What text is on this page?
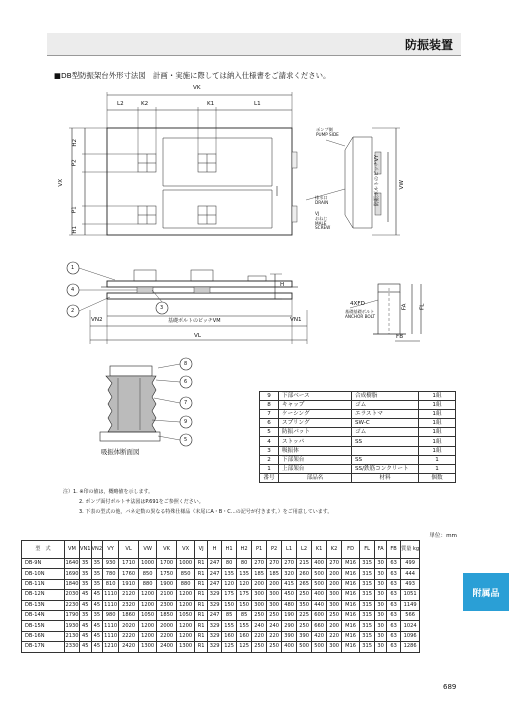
防振装置
■DB型防振架台外形寸法図　計画・実施に際しては納入仕様書をご請求ください。
VK
L2	K2	K1	L1
VX
H2
P2
P1
H1
ポンプ側
PUMP SIDE
排水口
DRAIN
VJ
おねじ
MALE
SCREW
防振ボルトのピッチVY	VW
1
4
2	3
H
VN2	VN1
基礎ボルトのピッチVM
VL
4XFD
基礎基礎ボルト
ANCHOR BOLT
FA FL
FB
8
6
7
9
5
吸振体断面図
9	下部ベース	合成樹脂	1組
8	キャップ	ゴム	1組
7	ケーシング	エラストマ	1組
6	スプリング	SW-C	1組
5	防振パット	ゴム	1組
4	ストッパ	SS	1組
3	吸振体		1組
2	下部架台	SS	1
1	上部架台	SS/鉄筋コンクリート	1
番号	部品名	材料	個数
注）1. ※印の値は，概略値を示します。
2. ポンプ面付ボルトサ法図はP.691をご参照ください。
3. 下表の型式の他，バネ定数の異なる特殊仕様品（末尾にA・B・C…の記号が付きます。）をご用意しています。
単位：mm
型　式	VM	VN1	VN2	VY	VL	VW	VK	VX	VJ	H	H1	H2	P1	P2	L1	L2	K1	K2	FD	FL	FA	FB	質量 kg
DB-9N	1640	35	35	930	1710	1000	1700	1000	R1	247	80	80	270	270	270	215	400	270	M16	315	30	63	499
DB-10N	1690	35	35	780	1760	850	1750	850	R1	247	135	135	185	185	320	260	500	200	M16	315	30	63	444
DB-11N	1840	35	35	810	1910	880	1900	880	R1	247	120	120	200	200	415	265	500	200	M16	315	30	63	493
DB-12N	2030	45	45	1110	2120	1200	2100	1200	R1	329	175	175	300	300	450	250	400	300	M16	315	30	63	1051
DB-13N	2230	45	45	1110	2320	1200	2300	1200	R1	329	150	150	300	300	480	350	440	300	M16	315	30	63	1149
DB-14N	1790	35	35	980	1860	1050	1850	1050	R1	247	85	85	250	250	190	225	600	250	M16	315	30	63	566
DB-15N	1930	45	45	1110	2020	1200	2000	1200	R1	329	155	155	240	240	290	250	660	200	M16	315	30	63	1024
DB-16N	2130	45	45	1110	2220	1200	2200	1200	R1	329	160	160	220	220	390	390	420	220	M16	315	30	63	1096
DB-17N	2330	45	45	1210	2420	1300	2400	1300	R1	329	125	125	250	250	400	500	500	300	M16	315	30	63	1286
附属品
689
